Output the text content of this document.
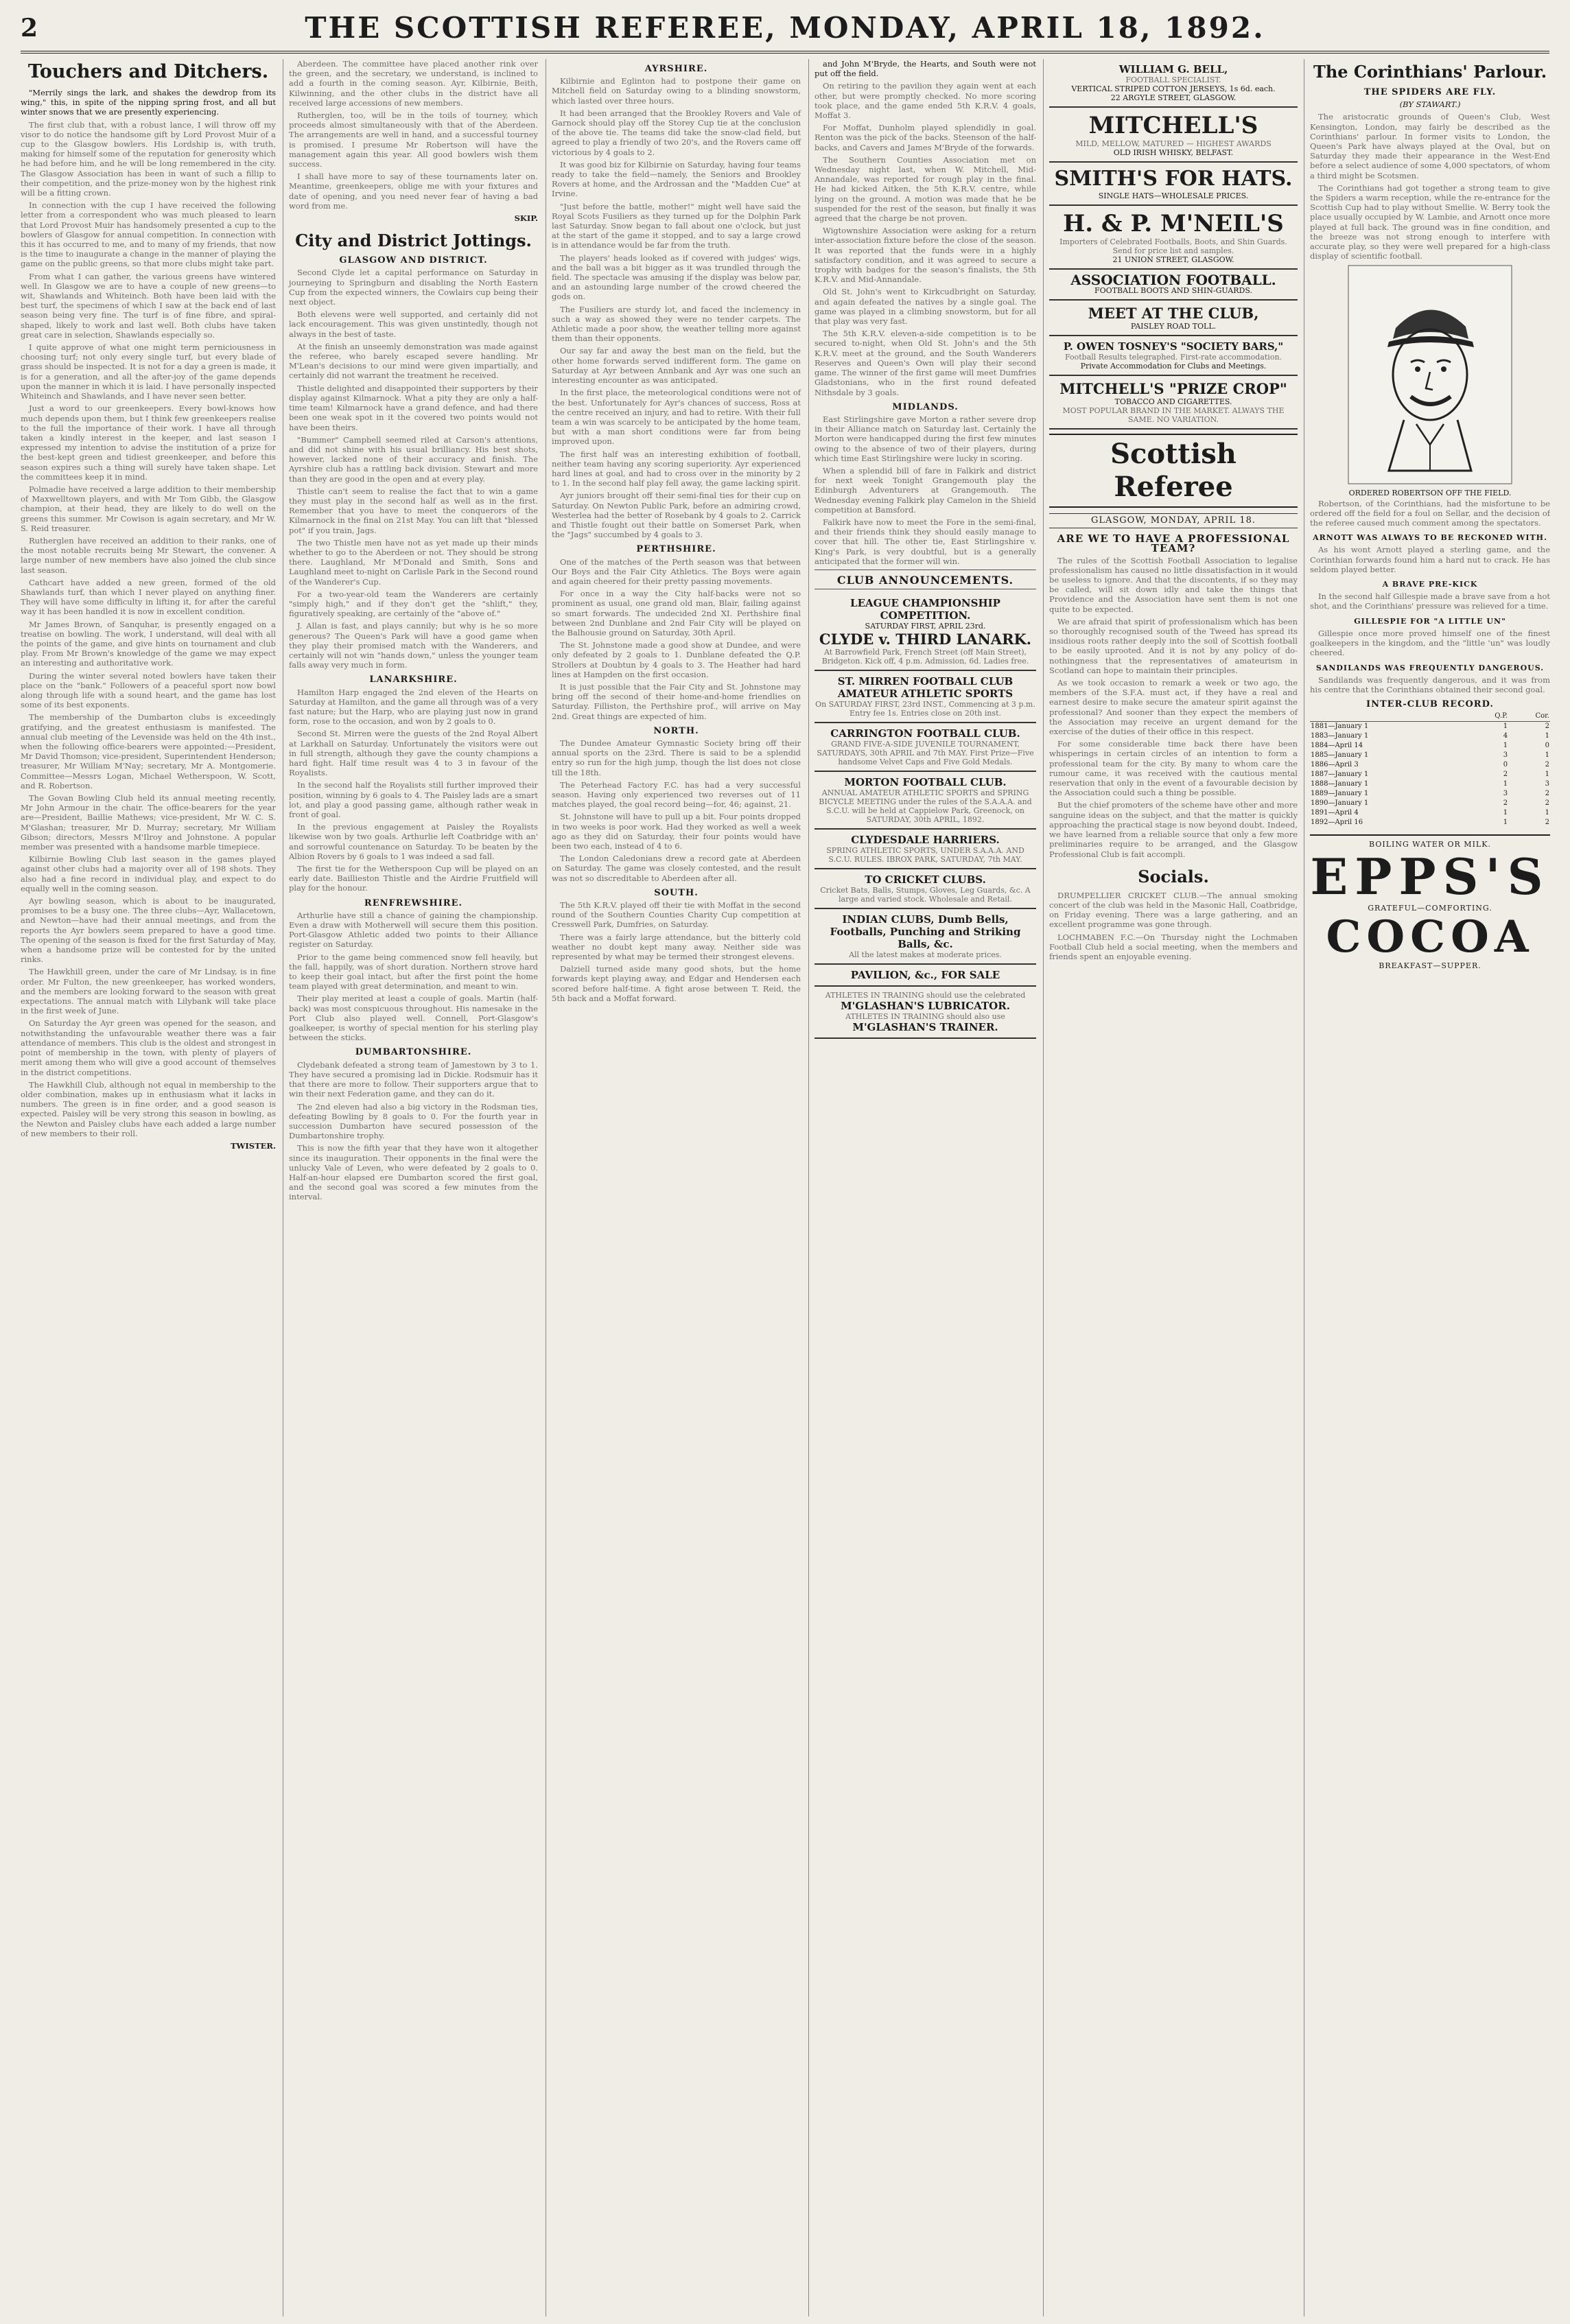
2	THE SCOTTISH REFEREE, MONDAY, APRIL 18, 1892.
Touchers and Ditchers.

"Merrily sings the lark, and shakes the dewdrop from its wing," this, in spite of the nipping spring frost, and all but winter snows that we are presently experiencing.

The first club that, with a robust lance, I will throw off my visor to do notice the handsome gift by Lord Provost Muir of a cup to the Glasgow bowlers. His Lordship is, with truth, making for himself some of the reputation for generosity which he had before him, and he will be long remembered in the city. The Glasgow Association has been in want of such a fillip to their competition, and the prize-money won by the highest rink will be a fitting crown.

In connection with the cup I have received the following letter from a correspondent who was much pleased to learn that Lord Provost Muir has handsomely presented a cup to the bowlers of Glasgow for annual competition. In connection with this it has occurred to me, and to many of my friends, that now is the time to inaugurate a change in the manner of playing the game on the public greens, so that more clubs might take part.

From what I can gather, the various greens have wintered well. In Glasgow we are to have a couple of new greens—to wit, Shawlands and Whiteinch. Both have been laid with the best turf, the specimens of which I saw at the back end of last season being very fine. The turf is of fine fibre, and spiral-shaped, likely to work and last well. Both clubs have taken great care in selection, Shawlands especially so.

I quite approve of what one might term perniciousness in choosing turf; not only every single turf, but every blade of grass should be inspected. It is not for a day a green is made, it is for a generation, and all the after-joy of the game depends upon the manner in which it is laid. I have personally inspected Whiteinch and Shawlands, and I have never seen better.

Just a word to our greenkeepers. Every bowl-knows how much depends upon them, but I think few greenkeepers realise to the full the importance of their work. I have all through taken a kindly interest in the keeper, and last season I expressed my intention to advise the institution of a prize for the best-kept green and tidiest greenkeeper, and before this season expires such a thing will surely have taken shape. Let the committees keep it in mind.

Polmadie have received a large addition to their membership of Maxwelltown players, and with Mr Tom Gibb, the Glasgow champion, at their head, they are likely to do well on the greens this summer. Mr Cowison is again secretary, and Mr W. S. Reid treasurer.

Rutherglen have received an addition to their ranks, one of the most notable recruits being Mr Stewart, the convener. A large number of new members have also joined the club since last season.

Cathcart have added a new green, formed of the old Shawlands turf, than which I never played on anything finer. They will have some difficulty in lifting it, for after the careful way it has been handled it is now in excellent condition.

Mr James Brown, of Sanquhar, is presently engaged on a treatise on bowling. The work, I understand, will deal with all the points of the game, and give hints on tournament and club play. From Mr Brown's knowledge of the game we may expect an interesting and authoritative work.

During the winter several noted bowlers have taken their place on the "bank." Followers of a peaceful sport now bowl along through life with a sound heart, and the game has lost some of its best exponents.

The membership of the Dumbarton clubs is exceedingly gratifying, and the greatest enthusiasm is manifested. The annual club meeting of the Levenside was held on the 4th inst., when the following office-bearers were appointed:—President, Mr David Thomson; vice-president, Superintendent Henderson; treasurer, Mr William M'Nay; secretary, Mr A. Montgomerie. Committee—Messrs Logan, Michael Wetherspoon, W. Scott, and R. Robertson.

The Govan Bowling Club held its annual meeting recently, Mr John Armour in the chair. The office-bearers for the year are—President, Baillie Mathews; vice-president, Mr W. C. S. M'Glashan; treasurer, Mr D. Murray; secretary, Mr William Gibson; directors, Messrs M'Ilroy and Johnstone. A popular member was presented with a handsome marble timepiece.

Kilbirnie Bowling Club last season in the games played against other clubs had a majority over all of 198 shots. They also had a fine record in individual play, and expect to do equally well in the coming season.

Ayr bowling season, which is about to be inaugurated, promises to be a busy one. The three clubs—Ayr, Wallacetown, and Newton—have had their annual meetings, and from the reports the Ayr bowlers seem prepared to have a good time. The opening of the season is fixed for the first Saturday of May, when a handsome prize will be contested for by the united rinks.

The Hawkhill green, under the care of Mr Lindsay, is in fine order. Mr Fulton, the new greenkeeper, has worked wonders, and the members are looking forward to the season with great expectations. The annual match with Lilybank will take place in the first week of June.

On Saturday the Ayr green was opened for the season, and notwithstanding the unfavourable weather there was a fair attendance of members. This club is the oldest and strongest in point of membership in the town, with plenty of players of merit among them who will give a good account of themselves in the district competitions.

The Hawkhill Club, although not equal in membership to the older combination, makes up in enthusiasm what it lacks in numbers. The green is in fine order, and a good season is expected. Paisley will be very strong this season in bowling, as the Newton and Paisley clubs have each added a large number of new members to their roll.

TWISTER.

Aberdeen. The committee have placed another rink over the green, and the secretary, we understand, is inclined to add a fourth in the coming season. Ayr, Kilbirnie, Beith, Kilwinning, and the other clubs in the district have all received large accessions of new members.

Rutherglen, too, will be in the toils of tourney, which proceeds almost simultaneously with that of the Aberdeen. The arrangements are well in hand, and a successful tourney is promised. I presume Mr Robertson will have the management again this year. All good bowlers wish them success.

I shall have more to say of these tournaments later on. Meantime, greenkeepers, oblige me with your fixtures and date of opening, and you need never fear of having a bad word from me.

SKIP.
City and District Jottings.
GLASGOW AND DISTRICT.

Second Clyde let a capital performance on Saturday in journeying to Springburn and disabling the North Eastern Cup from the expected winners, the Cowlairs cup being their next object.

Both elevens were well supported, and certainly did not lack encouragement. This was given unstintedly, though not always in the best of taste.

At the finish an unseemly demonstration was made against the referee, who barely escaped severe handling. Mr M'Lean's decisions to our mind were given impartially, and certainly did not warrant the treatment he received.

Thistle delighted and disappointed their supporters by their display against Kilmarnock. What a pity they are only a half-time team! Kilmarnock have a grand defence, and had there been one weak spot in it the covered two points would not have been theirs.

"Bummer" Campbell seemed riled at Carson's attentions, and did not shine with his usual brilliancy. His best shots, however, lacked none of their accuracy and finish. The Ayrshire club has a rattling back division. Stewart and more than they are good in the open and at every play.

Thistle can't seem to realise the fact that to win a game they must play in the second half as well as in the first. Remember that you have to meet the conquerors of the Kilmarnock in the final on 21st May. You can lift that "blessed pot" if you train, Jags.

The two Thistle men have not as yet made up their minds whether to go to the Aberdeen or not. They should be strong there. Laughland, Mr M'Donald and Smith, Sons and Laughland meet to-night on Carlisle Park in the Second round of the Wanderer's Cup.

For a two-year-old team the Wanderers are certainly "simply high," and if they don't get the "shlift," they, figuratively speaking, are certainly of the "above of."

J. Allan is fast, and plays cannily; but why is he so more generous? The Queen's Park will have a good game when they play their promised match with the Wanderers, and certainly will not win "hands down," unless the younger team falls away very much in form.

LANARKSHIRE.

Hamilton Harp engaged the 2nd eleven of the Hearts on Saturday at Hamilton, and the game all through was of a very fast nature; but the Harp, who are playing just now in grand form, rose to the occasion, and won by 2 goals to 0.

Second St. Mirren were the guests of the 2nd Royal Albert at Larkhall on Saturday. Unfortunately the visitors were out in full strength, although they gave the county champions a hard fight. Half time result was 4 to 3 in favour of the Royalists.

In the second half the Royalists still further improved their position, winning by 6 goals to 4. The Paisley lads are a smart lot, and play a good passing game, although rather weak in front of goal.

In the previous engagement at Paisley the Royalists likewise won by two goals. Arthurlie left Coatbridge with an' and sorrowful countenance on Saturday. To be beaten by the Albion Rovers by 6 goals to 1 was indeed a sad fall.

The first tie for the Wetherspoon Cup will be played on an early date. Baillieston Thistle and the Airdrie Fruitfield will play for the honour.

RENFREWSHIRE.

Arthurlie have still a chance of gaining the championship. Even a draw with Motherwell will secure them this position. Port-Glasgow Athletic added two points to their Alliance register on Saturday.

Prior to the game being commenced snow fell heavily, but the fall, happily, was of short duration. Northern strove hard to keep their goal intact, but after the first point the home team played with great determination, and meant to win.

Their play merited at least a couple of goals. Martin (half-back) was most conspicuous throughout. His namesake in the Port Club also played well. Connell, Port-Glasgow's goalkeeper, is worthy of special mention for his sterling play between the sticks.

DUMBARTONSHIRE.

Clydebank defeated a strong team of Jamestown by 3 to 1. They have secured a promising lad in Dickie. Rodsmuir has it that there are more to follow. Their supporters argue that to win their next Federation game, and they can do it.

The 2nd eleven had also a big victory in the Rodsman ties, defeating Bowling by 8 goals to 0. For the fourth year in succession Dumbarton have secured possession of the Dumbartonshire trophy.

This is now the fifth year that they have won it altogether since its inauguration. Their opponents in the final were the unlucky Vale of Leven, who were defeated by 2 goals to 0. Half-an-hour elapsed ere Dumbarton scored the first goal, and the second goal was scored a few minutes from the interval.

AYRSHIRE.

Kilbirnie and Eglinton had to postpone their game on Mitchell field on Saturday owing to a blinding snowstorm, which lasted over three hours.

It had been arranged that the Brookley Rovers and Vale of Garnock should play off the Storey Cup tie at the conclusion of the above tie. The teams did take the snow-clad field, but agreed to play a friendly of two 20's, and the Rovers came off victorious by 4 goals to 2.

It was good biz for Kilbirnie on Saturday, having four teams ready to take the field—namely, the Seniors and Brookley Rovers at home, and the Ardrossan and the "Madden Cue" at Irvine.

"Just before the battle, mother!" might well have said the Royal Scots Fusiliers as they turned up for the Dolphin Park last Saturday. Snow began to fall about one o'clock, but just at the start of the game it stopped, and to say a large crowd is in attendance would be far from the truth.

The players' heads looked as if covered with judges' wigs, and the ball was a bit bigger as it was trundled through the field. The spectacle was amusing if the display was below par, and an astounding large number of the crowd cheered the gods on.

The Fusiliers are sturdy lot, and faced the inclemency in such a way as showed they were no tender carpets. The Athletic made a poor show, the weather telling more against them than their opponents.

Our say far and away the best man on the field, but the other home forwards served indifferent form. The game on Saturday at Ayr between Annbank and Ayr was one such an interesting encounter as was anticipated.

In the first place, the meteorological conditions were not of the best. Unfortunately for Ayr's chances of success, Ross at the centre received an injury, and had to retire. With their full team a win was scarcely to be anticipated by the home team, but with a man short conditions were far from being improved upon.

The first half was an interesting exhibition of football, neither team having any scoring superiority. Ayr experienced hard lines at goal, and had to cross over in the minority by 2 to 1. In the second half play fell away, the game lacking spirit.

Ayr juniors brought off their semi-final ties for their cup on Saturday. On Newton Public Park, before an admiring crowd, Westerlea had the better of Rosebank by 4 goals to 2. Carrick and Thistle fought out their battle on Somerset Park, when the "Jags" succumbed by 4 goals to 3.

PERTHSHIRE.

One of the matches of the Perth season was that between Our Boys and the Fair City Athletics. The Boys were again and again cheered for their pretty passing movements.

For once in a way the City half-backs were not so prominent as usual, one grand old man, Blair, failing against so smart forwards. The undecided 2nd XI. Perthshire final between 2nd Dunblane and 2nd Fair City will be played on the Balhousie ground on Saturday, 30th April.

The St. Johnstone made a good show at Dundee, and were only defeated by 2 goals to 1. Dunblane defeated the Q.P. Strollers at Doubtun by 4 goals to 3. The Heather had hard lines at Hampden on the first occasion.

It is just possible that the Fair City and St. Johnstone may bring off the second of their home-and-home friendlies on Saturday. Filliston, the Perthshire prof., will arrive on May 2nd. Great things are expected of him.

NORTH.

The Dundee Amateur Gymnastic Society bring off their annual sports on the 23rd. There is said to be a splendid entry so run for the high jump, though the list does not close till the 18th.

The Peterhead Factory F.C. has had a very successful season. Having only experienced two reverses out of 11 matches played, the goal record being—for, 46; against, 21.

St. Johnstone will have to pull up a bit. Four points dropped in two weeks is poor work. Had they worked as well a week ago as they did on Saturday, their four points would have been two each, instead of 4 to 6.

The London Caledonians drew a record gate at Aberdeen on Saturday. The game was closely contested, and the result was not so discreditable to Aberdeen after all.

SOUTH.

The 5th K.R.V. played off their tie with Moffat in the second round of the Southern Counties Charity Cup competition at Cresswell Park, Dumfries, on Saturday.

There was a fairly large attendance, but the bitterly cold weather no doubt kept many away. Neither side was represented by what may be termed their strongest elevens.

Dalziell turned aside many good shots, but the home forwards kept playing away, and Edgar and Hendersen each scored before half-time. A fight arose between T. Reid, the 5th back and a Moffat forward.

and John M'Bryde, the Hearts, and South were not put off the field.

On retiring to the pavilion they again went at each other, but were promptly checked. No more scoring took place, and the game ended 5th K.R.V. 4 goals, Moffat 3.

For Moffat, Dunholm played splendidly in goal. Renton was the pick of the backs. Steenson of the half-backs, and Cavers and James M'Bryde of the forwards.

The Southern Counties Association met on Wednesday night last, when W. Mitchell, Mid-Annandale, was reported for rough play in the final. He had kicked Aitken, the 5th K.R.V. centre, while lying on the ground. A motion was made that he be suspended for the rest of the season, but finally it was agreed that the charge be not proven.

Wigtownshire Association were asking for a return inter-association fixture before the close of the season. It was reported that the funds were in a highly satisfactory condition, and it was agreed to secure a trophy with badges for the season's finalists, the 5th K.R.V. and Mid-Annandale.

Old St. John's went to Kirkcudbright on Saturday, and again defeated the natives by a single goal. The game was played in a climbing snowstorm, but for all that play was very fast.

The 5th K.R.V. eleven-a-side competition is to be secured to-night, when Old St. John's and the 5th K.R.V. meet at the ground, and the South Wanderers Reserves and Queen's Own will play their second game. The winner of the first game will meet Dumfries Gladstonians, who in the first round defeated Nithsdale by 3 goals.

MIDLANDS.

East Stirlingshire gave Morton a rather severe drop in their Alliance match on Saturday last. Certainly the Morton were handicapped during the first few minutes owing to the absence of two of their players, during which time East Stirlingshire were lucky in scoring.

When a splendid bill of fare in Falkirk and district for next week Tonight Grangemouth play the Edinburgh Adventurers at Grangemouth. The Wednesday evening Falkirk play Camelon in the Shield competition at Bamsford.

Falkirk have now to meet the Fore in the semi-final, and their friends think they should easily manage to cover that hill. The other tie, East Stirlingshire v. King's Park, is very doubtful, but is a generally anticipated that the former will win.

CLUB ANNOUNCEMENTS.
LEAGUE CHAMPIONSHIP COMPETITION.
SATURDAY FIRST, APRIL 23rd.
CLYDE v. THIRD LANARK.
At Barrowfield Park, French Street (off Main Street), Bridgeton. Kick off, 4 p.m. Admission, 6d. Ladies free.
ST. MIRREN FOOTBALL CLUB AMATEUR ATHLETIC SPORTS
On SATURDAY FIRST, 23rd INST., Commencing at 3 p.m. Entry fee 1s. Entries close on 20th inst.
CARRINGTON FOOTBALL CLUB.
GRAND FIVE-A-SIDE JUVENILE TOURNAMENT, SATURDAYS, 30th APRIL and 7th MAY. First Prize—Five handsome Velvet Caps and Five Gold Medals.
MORTON FOOTBALL CLUB.
ANNUAL AMATEUR ATHLETIC SPORTS and SPRING BICYCLE MEETING under the rules of the S.A.A.A. and S.C.U. will be held at Cappielow Park, Greenock, on SATURDAY, 30th APRIL, 1892.
CLYDESDALE HARRIERS.
SPRING ATHLETIC SPORTS, UNDER S.A.A.A. AND S.C.U. RULES. IBROX PARK, SATURDAY, 7th MAY.
TO CRICKET CLUBS.
Cricket Bats, Balls, Stumps, Gloves, Leg Guards, &c. A large and varied stock. Wholesale and Retail.
INDIAN CLUBS, Dumb Bells, Footballs, Punching and Striking Balls, &c.
All the latest makes at moderate prices.
PAVILION, &c., FOR SALE
ATHLETES IN TRAINING should use the celebrated
M'GLASHAN'S LUBRICATOR.
ATHLETES IN TRAINING should also use
M'GLASHAN'S TRAINER.
WILLIAM G. BELL,
FOOTBALL SPECIALIST.
VERTICAL STRIPED COTTON JERSEYS, 1s 6d. each.
22 ARGYLE STREET, GLASGOW.
MITCHELL'S
MILD, MELLOW, MATURED — HIGHEST AWARDS
OLD IRISH WHISKY, BELFAST.
SMITH'S FOR HATS.
SINGLE HATS—WHOLESALE PRICES.
H. & P. M'NEIL'S
Importers of Celebrated Footballs, Boots, and Shin Guards. Send for price list and samples.
21 UNION STREET, GLASGOW.
ASSOCIATION FOOTBALL.
FOOTBALL BOOTS AND SHIN-GUARDS.
MEET AT THE CLUB,
PAISLEY ROAD TOLL.
P. OWEN TOSNEY'S "SOCIETY BARS,"
Football Results telegraphed. First-rate accommodation.
Private Accommodation for Clubs and Meetings.
MITCHELL'S "PRIZE CROP"
TOBACCO AND CIGARETTES.
MOST POPULAR BRAND IN THE MARKET. ALWAYS THE SAME. NO VARIATION.
Scottish Referee
GLASGOW, MONDAY, APRIL 18.
ARE WE TO HAVE A PROFESSIONAL TEAM?

The rules of the Scottish Football Association to legalise professionalism has caused no little dissatisfaction in it would be useless to ignore. And that the discontents, if so they may be called, will sit down idly and take the things that Providence and the Association have sent them is not one quite to be expected.

We are afraid that spirit of professionalism which has been so thoroughly recognised south of the Tweed has spread its insidious roots rather deeply into the soil of Scottish football to be easily uprooted. And it is not by any policy of do-nothingness that the representatives of amateurism in Scotland can hope to maintain their principles.

As we took occasion to remark a week or two ago, the members of the S.F.A. must act, if they have a real and earnest desire to make secure the amateur spirit against the professional? And sooner than they expect the members of the Association may receive an urgent demand for the exercise of the duties of their office in this respect.

For some considerable time back there have been whisperings in certain circles of an intention to form a professional team for the city. By many to whom care the rumour came, it was received with the cautious mental reservation that only in the event of a favourable decision by the Association could such a thing be possible.

But the chief promoters of the scheme have other and more sanguine ideas on the subject, and that the matter is quickly approaching the practical stage is now beyond doubt. Indeed, we have learned from a reliable source that only a few more preliminaries require to be arranged, and the Glasgow Professional Club is fait accompli.

Socials.

DRUMPELLIER CRICKET CLUB.—The annual smoking concert of the club was held in the Masonic Hall, Coatbridge, on Friday evening. There was a large gathering, and an excellent programme was gone through.

LOCHMABEN F.C.—On Thursday night the Lochmaben Football Club held a social meeting, when the members and friends spent an enjoyable evening.

The Corinthians' Parlour.
THE SPIDERS ARE FLY.
(BY STAWART.)

The aristocratic grounds of Queen's Club, West Kensington, London, may fairly be described as the Corinthians' parlour. In former visits to London, the Queen's Park have always played at the Oval, but on Saturday they made their appearance in the West-End before a select audience of some 4,000 spectators, of whom a third might be Scotsmen.

The Corinthians had got together a strong team to give the Spiders a warm reception, while the re-entrance for the Scottish Cup had to play without Smellie. W. Berry took the place usually occupied by W. Lambie, and Arnott once more played at full back. The ground was in fine condition, and the breeze was not strong enough to interfere with accurate play, so they were well prepared for a high-class display of scientific football.

ORDERED ROBERTSON OFF THE FIELD.

Robertson, of the Corinthians, had the misfortune to be ordered off the field for a foul on Sellar, and the decision of the referee caused much comment among the spectators.

ARNOTT WAS ALWAYS TO BE RECKONED WITH.

As his wont Arnott played a sterling game, and the Corinthian forwards found him a hard nut to crack. He has seldom played better.

A BRAVE PRE-KICK

In the second half Gillespie made a brave save from a hot shot, and the Corinthians' pressure was relieved for a time.

GILLESPIE FOR "A LITTLE UN"

Gillespie once more proved himself one of the finest goalkeepers in the kingdom, and the "little 'un" was loudly cheered.

SANDILANDS WAS FREQUENTLY DANGEROUS.

Sandilands was frequently dangerous, and it was from his centre that the Corinthians obtained their second goal.

INTER-CLUB RECORD.
	Q.P.	Cor.
1881—January 1	1	2
1883—January 1	4	1
1884—April 14	1	0
1885—January 1	3	1
1886—April 3	0	2
1887—January 1	2	1
1888—January 1	1	3
1889—January 1	3	2
1890—January 1	2	2
1891—April 4	1	1
1892—April 16	1	2
BOILING WATER OR MILK.
EPPS'S
GRATEFUL—COMFORTING.
COCOA
BREAKFAST—SUPPER.
